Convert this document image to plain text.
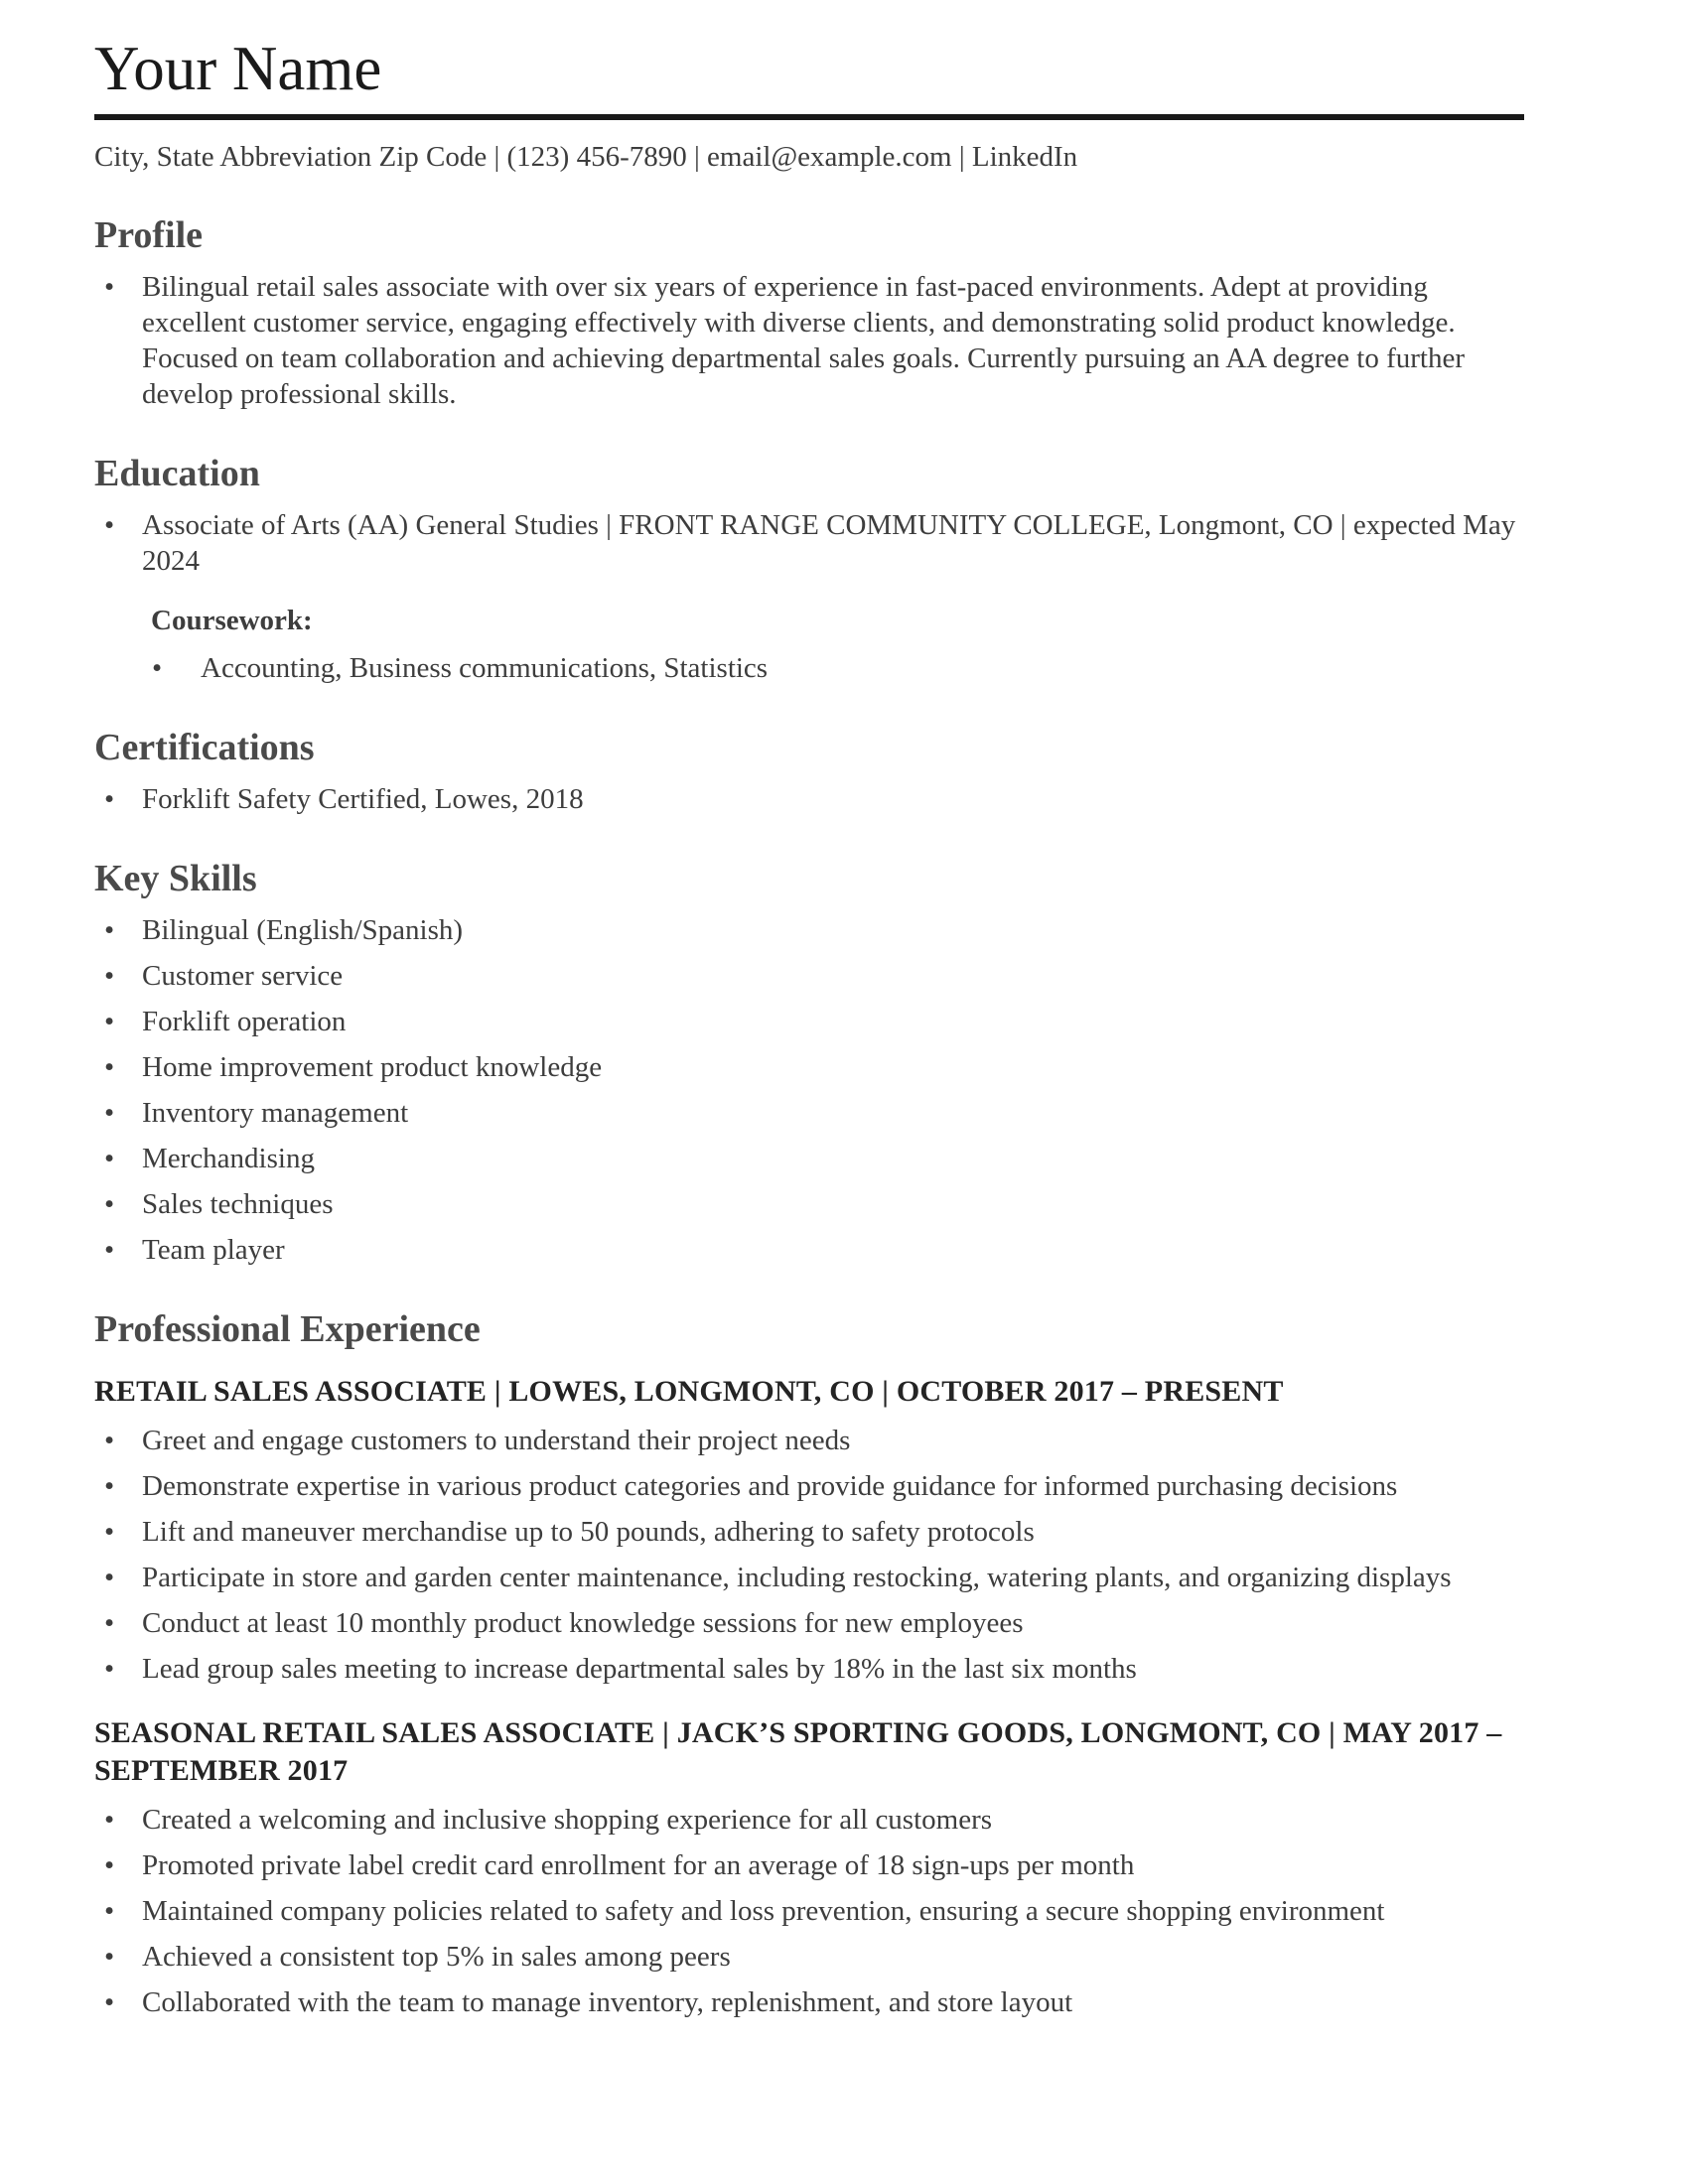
Your Name

City, State Abbreviation Zip Code | (123) 456-7890 | email@example.com | LinkedIn

Profile
• Bilingual retail sales associate with over six years of experience in fast-paced environments. Adept at providing excellent customer service, engaging effectively with diverse clients, and demonstrating solid product knowledge. Focused on team collaboration and achieving departmental sales goals. Currently pursuing an AA degree to further develop professional skills.
Education
• Associate of Arts (AA) General Studies | FRONT RANGE COMMUNITY COLLEGE, Longmont, CO | expected May 2024

Coursework:

• Accounting, Business communications, Statistics
Certifications
• Forklift Safety Certified, Lowes, 2018
Key Skills
• Bilingual (English/Spanish)
• Customer service
• Forklift operation
• Home improvement product knowledge
• Inventory management
• Merchandising
• Sales techniques
• Team player
Professional Experience
RETAIL SALES ASSOCIATE | LOWES, LONGMONT, CO | OCTOBER 2017 – PRESENT
• Greet and engage customers to understand their project needs
• Demonstrate expertise in various product categories and provide guidance for informed purchasing decisions
• Lift and maneuver merchandise up to 50 pounds, adhering to safety protocols
• Participate in store and garden center maintenance, including restocking, watering plants, and organizing displays
• Conduct at least 10 monthly product knowledge sessions for new employees
• Lead group sales meeting to increase departmental sales by 18% in the last six months
SEASONAL RETAIL SALES ASSOCIATE | JACK’S SPORTING GOODS, LONGMONT, CO | MAY 2017 – SEPTEMBER 2017
• Created a welcoming and inclusive shopping experience for all customers
• Promoted private label credit card enrollment for an average of 18 sign-ups per month
• Maintained company policies related to safety and loss prevention, ensuring a secure shopping environment
• Achieved a consistent top 5% in sales among peers
• Collaborated with the team to manage inventory, replenishment, and store layout
